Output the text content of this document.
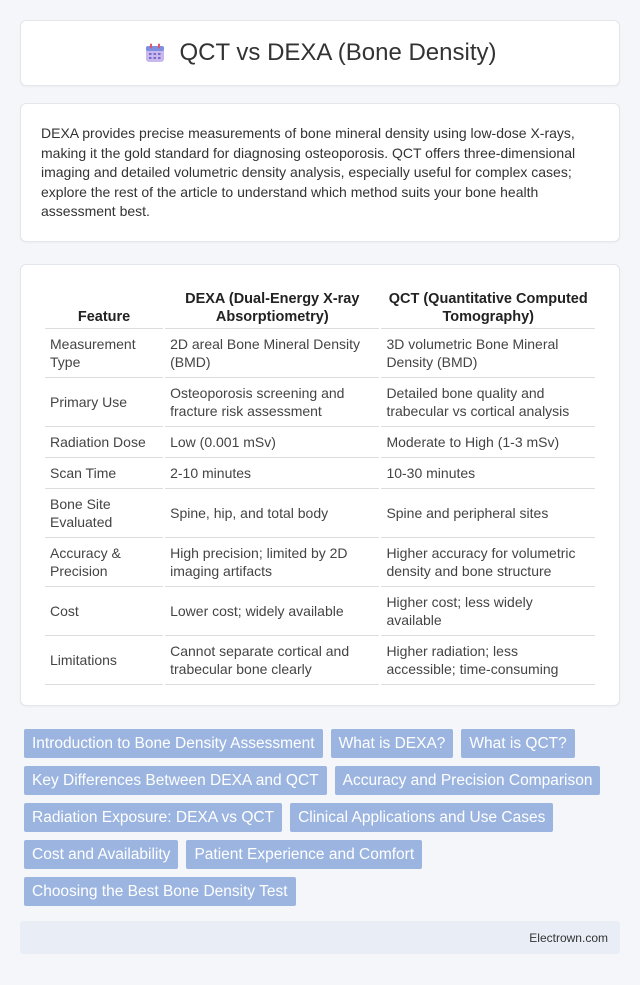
QCT vs DEXA (Bone Density)

DEXA provides precise measurements of bone mineral density using low-dose X-rays, making it the gold standard for diagnosing osteoporosis. QCT offers three-dimensional imaging and detailed volumetric density analysis, especially useful for complex cases; explore the rest of the article to understand which method suits your bone health assessment best.

Feature	DEXA (Dual-Energy X-ray Absorptiometry)	QCT (Quantitative Computed Tomography)
Measurement Type	2D areal Bone Mineral Density (BMD)	3D volumetric Bone Mineral Density (BMD)
Primary Use	Osteoporosis screening and fracture risk assessment	Detailed bone quality and trabecular vs cortical analysis
Radiation Dose	Low (0.001 mSv)	Moderate to High (1-3 mSv)
Scan Time	2-10 minutes	10-30 minutes
Bone Site Evaluated	Spine, hip, and total body	Spine and peripheral sites
Accuracy & Precision	High precision; limited by 2D imaging artifacts	Higher accuracy for volumetric density and bone structure
Cost	Lower cost; widely available	Higher cost; less widely available
Limitations	Cannot separate cortical and trabecular bone clearly	Higher radiation; less accessible; time-consuming
Introduction to Bone Density Assessment	What is DEXA?	What is QCT?
Key Differences Between DEXA and QCT	Accuracy and Precision Comparison
Radiation Exposure: DEXA vs QCT	Clinical Applications and Use Cases
Cost and Availability	Patient Experience and Comfort
Choosing the Best Bone Density Test
Electrown.com
